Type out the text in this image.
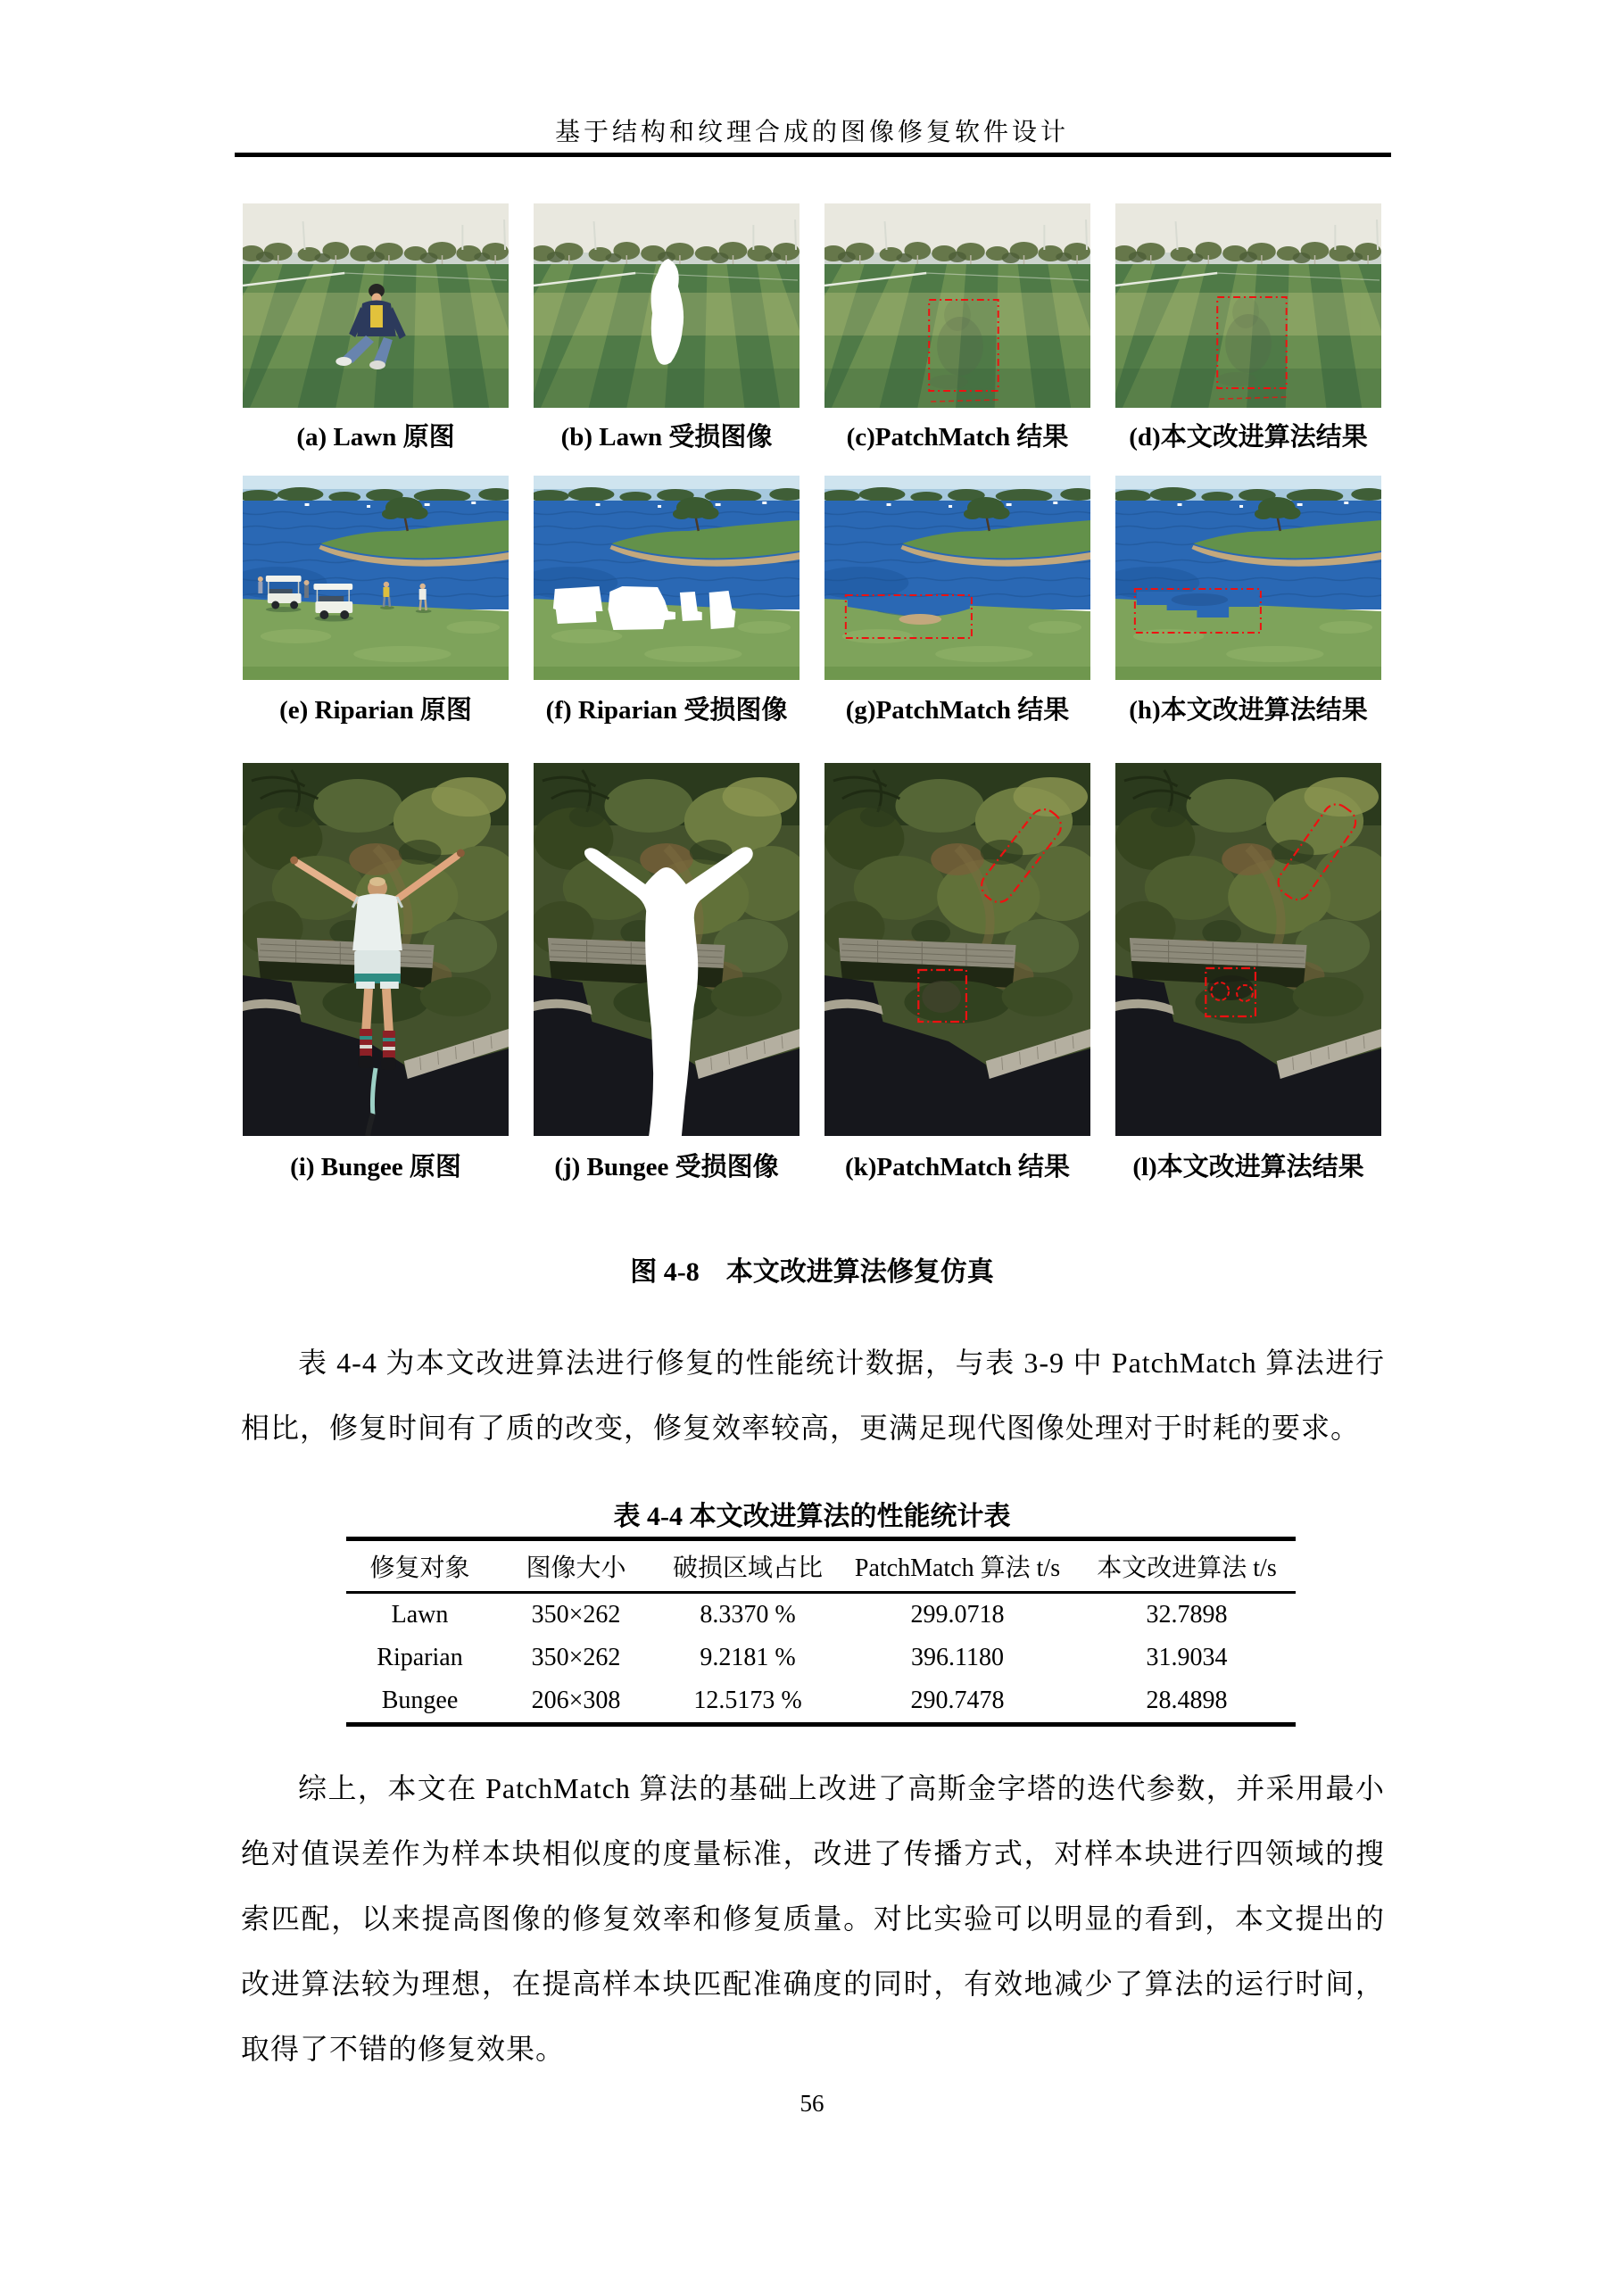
基于结构和纹理合成的图像修复软件设计
(a) Lawn 原图	(b) Lawn 受损图像	(c)PatchMatch 结果	(d)本文改进算法结果
(e) Riparian 原图	(f) Riparian 受损图像	(g)PatchMatch 结果	(h)本文改进算法结果
(i) Bungee 原图	(j) Bungee 受损图像	(k)PatchMatch 结果	(l)本文改进算法结果
图 4-8　本文改进算法修复仿真

表 4-4 为本文改进算法进行修复的性能统计数据，与表 3-9 中 PatchMatch 算法进行相比，修复时间有了质的改变，修复效率较高，更满足现代图像处理对于时耗的要求。

表 4-4 本文改进算法的性能统计表
修复对象	图像大小	破损区域占比	PatchMatch 算法 t/s	本文改进算法 t/s
Lawn	350×262	8.3370 %	299.0718	32.7898
Riparian	350×262	9.2181 %	396.1180	31.9034
Bungee	206×308	12.5173 %	290.7478	28.4898

综上，本文在 PatchMatch 算法的基础上改进了高斯金字塔的迭代参数，并采用最小绝对值误差作为样本块相似度的度量标准，改进了传播方式，对样本块进行四领域的搜索匹配，以来提高图像的修复效率和修复质量。对比实验可以明显的看到，本文提出的改进算法较为理想，在提高样本块匹配准确度的同时，有效地减少了算法的运行时间，取得了不错的修复效果。

56
